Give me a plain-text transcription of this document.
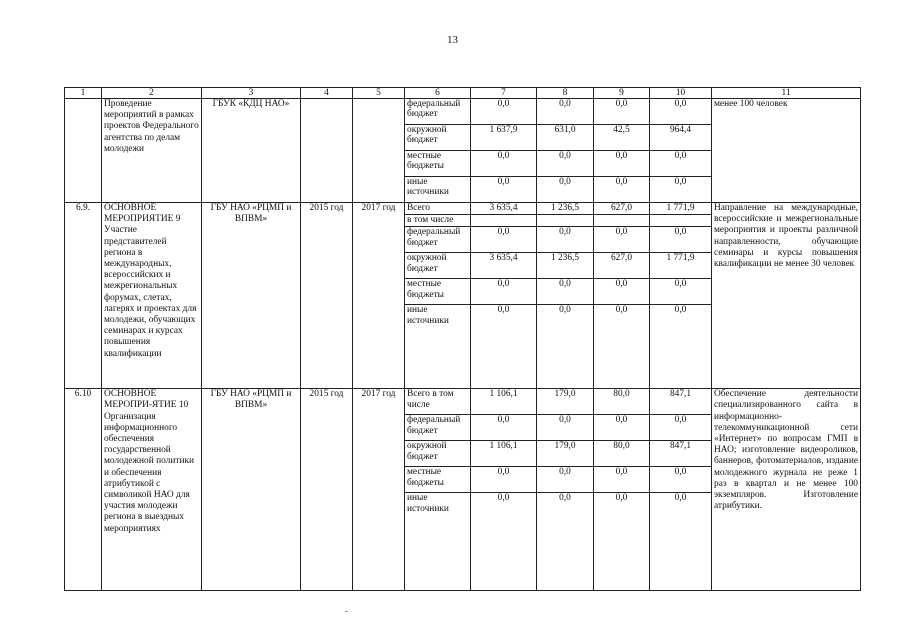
13
1	2	3	4	5	6	7	8	9	10	11
	Проведение мероприятий в рамках проектов Федерального агентства по делам молодежи	ГБУК «КДЦ НАО»			федеральный бюджет	0,0	0,0	0,0	0,0	менее 100 человек
					окружной бюджет	1 637,9	631,0	42,5	964,4	
					местные бюджеты	0,0	0,0	0,0	0,0	
					иные источники	0,0	0,0	0,0	0,0	
6.9.	ОСНОВНОЕ МЕРОПРИЯТИЕ 9 Участие представителей региона в международных, всероссийских и межрегиональных форумах, слетах, лагерях и проектах для молодежи, обучающих семинарах и курсах повышения квалификации	ГБУ НАО «РЦМП и ВПВМ»	2015 год	2017 год	Всего	3 635,4	1 236,5	627,0	1 771,9	Направление на международные, всероссийские и межрегиональные мероприятия и проекты различной направленности, обучающие семинары и курсы повышения квалификации не менее 30 человек
					в том числе					
					федеральный бюджет	0,0	0,0	0,0	0,0	
					окружной бюджет	3 635,4	1 236,5	627,0	1 771,9	
					местные бюджеты	0,0	0,0	0,0	0,0	
					иные источники	0,0	0,0	0,0	0,0	
6.10	ОСНОВНОЕ МЕРОПРИ-ЯТИЕ 10 Организация информационного обеспечения государственной молодежной политики и обеспечения атрибутикой с символикой НАО для участия молодежи региона в выездных мероприятиях	ГБУ НАО «РЦМП и ВПВМ»	2015 год	2017 год	Всего в том числе	1 106,1	179,0	80,0	847,1	Обеспечение деятельности специализированного сайта в информационно-телекоммуникационной сети «Интернет» по вопросам ГМП в НАО; изготовление видеороликов, баннеров, фотоматериалов, издание молодежного журнала не реже 1 раз в квартал и не менее 100 экземпляров. Изготовление атрибутики.
					федеральный бюджет	0,0	0,0	0,0	0,0	
					окружной бюджет	1 106,1	179,0	80,0	847,1	
					местные бюджеты	0,0	0,0	0,0	0,0	
					иные источники	0,0	0,0	0,0	0,0	
